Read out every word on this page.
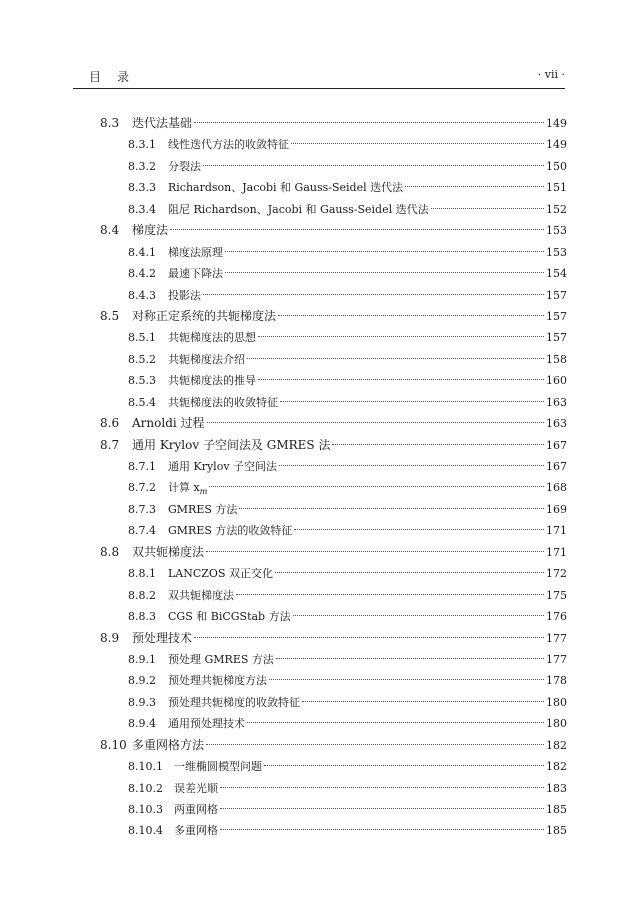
目录	· vii ·
8.3	迭代法基础	149
8.3.1	线性迭代方法的收敛特征	149
8.3.2	分裂法	150
8.3.3	Richardson、Jacobi 和 Gauss-Seidel 迭代法	151
8.3.4	阻尼 Richardson、Jacobi 和 Gauss-Seidel 迭代法	152
8.4	梯度法	153
8.4.1	梯度法原理	153
8.4.2	最速下降法	154
8.4.3	投影法	157
8.5	对称正定系统的共轭梯度法	157
8.5.1	共轭梯度法的思想	157
8.5.2	共轭梯度法介绍	158
8.5.3	共轭梯度法的推导	160
8.5.4	共轭梯度法的收敛特征	163
8.6	Arnoldi 过程	163
8.7	通用 Krylov 子空间法及 GMRES 法	167
8.7.1	通用 Krylov 子空间法	167
8.7.2	计算 $x_m$	168
8.7.3	GMRES 方法	169
8.7.4	GMRES 方法的收敛特征	171
8.8	双共轭梯度法	171
8.8.1	LANCZOS 双正交化	172
8.8.2	双共轭梯度法	175
8.8.3	CGS 和 BiCGStab 方法	176
8.9	预处理技术	177
8.9.1	预处理 GMRES 方法	177
8.9.2	预处理共轭梯度方法	178
8.9.3	预处理共轭梯度的收敛特征	180
8.9.4	通用预处理技术	180
8.10 多重网格方法	182
8.10.1	一维椭圆模型问题	182
8.10.2	误差光顺	183
8.10.3	两重网格	185
8.10.4	多重网格	185
